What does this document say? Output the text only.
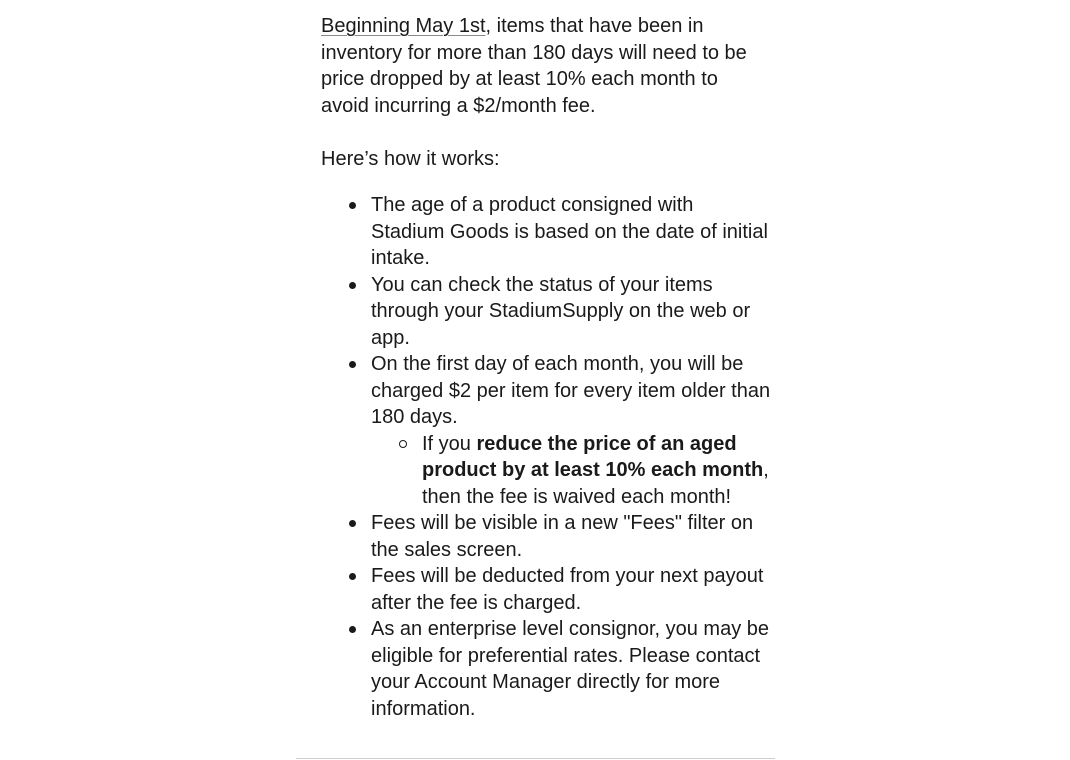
Beginning May 1st, items that have been in inventory for more than 180 days will need to be price dropped by at least 10% each month to avoid incurring a $2/month fee.

Here’s how it works:

The age of a product consigned with Stadium Goods is based on the date of initial intake.
You can check the status of your items through your StadiumSupply on the web or app.
On the first day of each month, you will be charged $2 per item for every item older than 180 days.
If you reduce the price of an aged product by at least 10% each month, then the fee is waived each month!
Fees will be visible in a new "Fees" filter on the sales screen.
Fees will be deducted from your next payout after the fee is charged.
As an enterprise level consignor, you may be eligible for preferential rates. Please contact your Account Manager directly for more information.
